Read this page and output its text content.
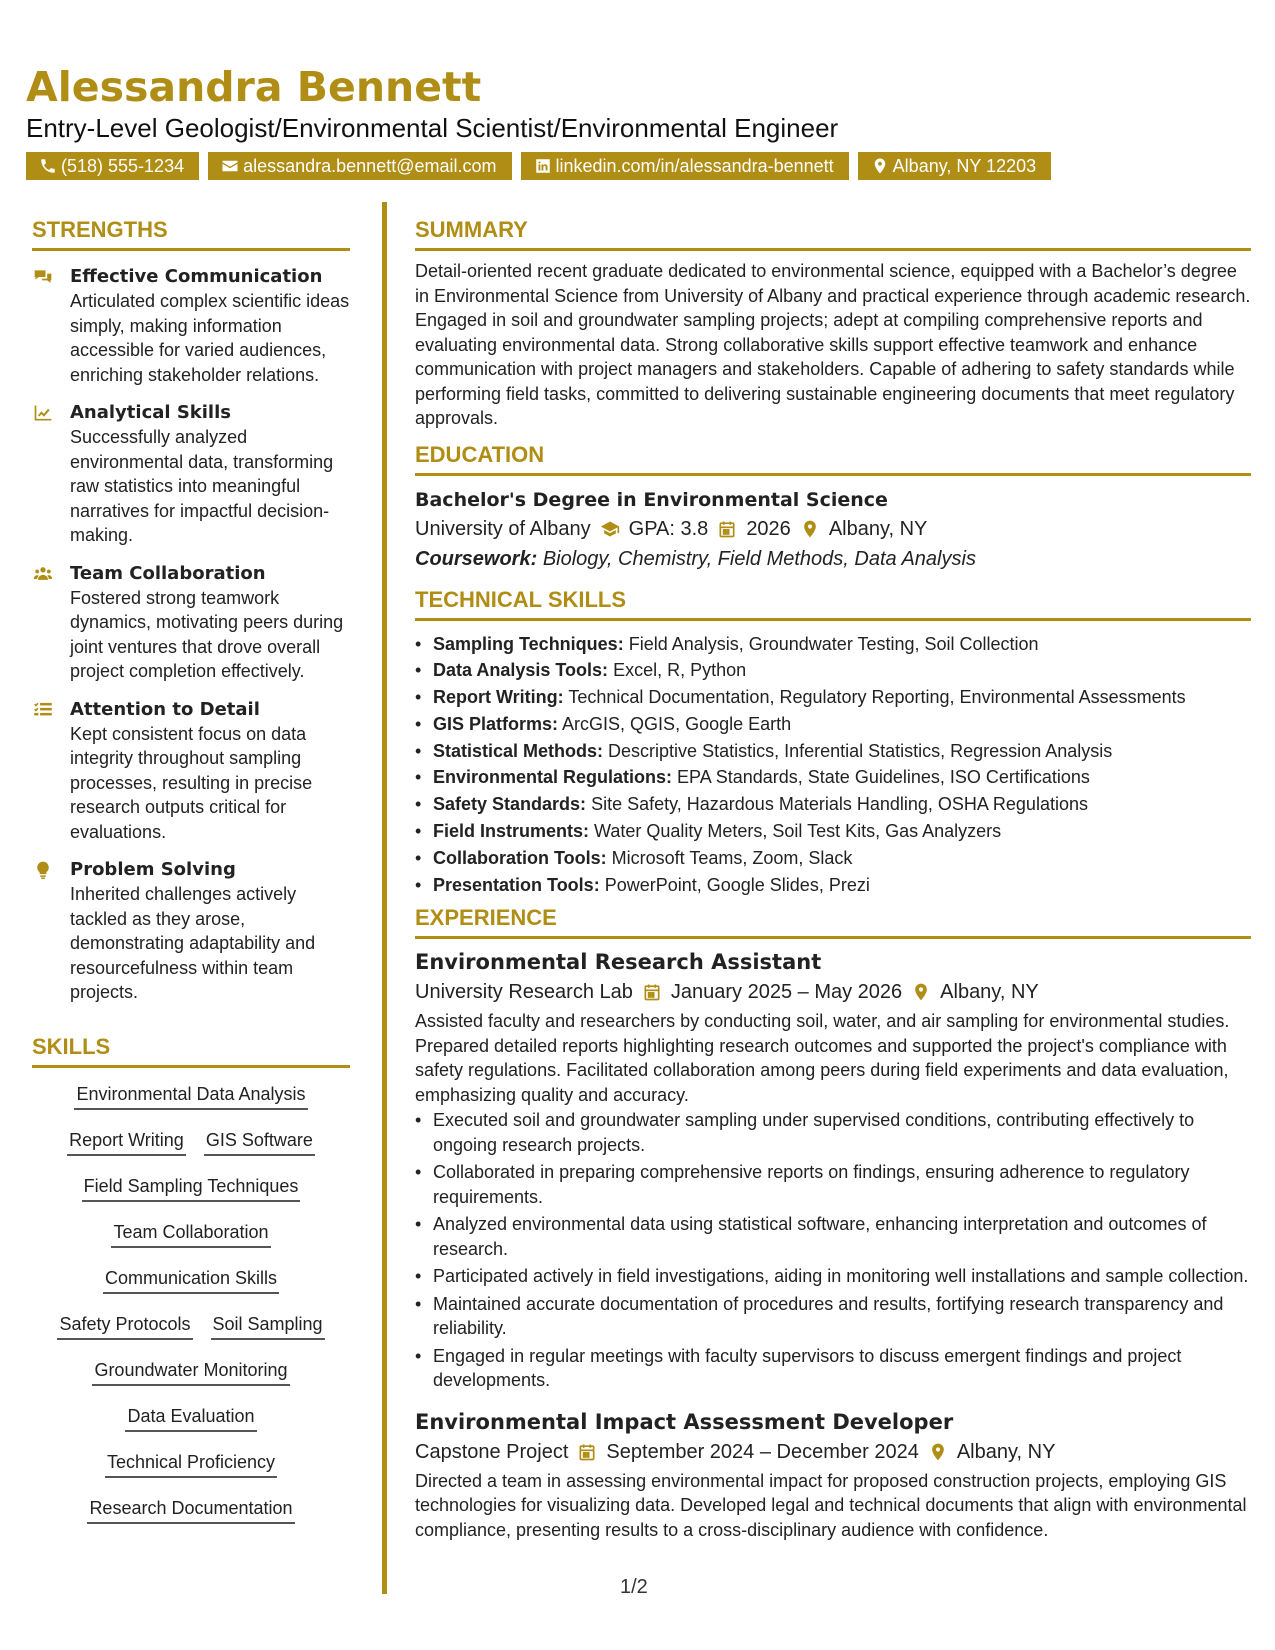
Alessandra Bennett
Entry-Level Geologist/Environmental Scientist/Environmental Engineer
(518) 555-1234	alessandra.bennett@email.com	linkedin.com/in/alessandra-bennett	Albany, NY 12203
STRENGTHS
Effective Communication
Articulated complex scientific ideas simply, making information accessible for varied audiences, enriching stakeholder relations.
Analytical Skills
Successfully analyzed environmental data, transforming raw statistics into meaningful narratives for impactful decision-making.
Team Collaboration
Fostered strong teamwork dynamics, motivating peers during joint ventures that drove overall project completion effectively.
Attention to Detail
Kept consistent focus on data integrity throughout sampling processes, resulting in precise research outputs critical for evaluations.
Problem Solving
Inherited challenges actively tackled as they arose, demonstrating adaptability and resourcefulness within team projects.
SKILLS
Environmental Data Analysis
Report Writing GIS Software
Field Sampling Techniques
Team Collaboration
Communication Skills
Safety Protocols Soil Sampling
Groundwater Monitoring
Data Evaluation
Technical Proficiency
Research Documentation
SUMMARY
Detail-oriented recent graduate dedicated to environmental science, equipped with a Bachelor’s degree in Environmental Science from University of Albany and practical experience through academic research. Engaged in soil and groundwater sampling projects; adept at compiling comprehensive reports and evaluating environmental data. Strong collaborative skills support effective teamwork and enhance communication with project managers and stakeholders. Capable of adhering to safety standards while performing field tasks, committed to delivering sustainable engineering documents that meet regulatory approvals.
EDUCATION
Bachelor's Degree in Environmental Science
University of Albany GPA: 3.8 2026 Albany, NY
Coursework: Biology, Chemistry, Field Methods, Data Analysis
TECHNICAL SKILLS
• Sampling Techniques: Field Analysis, Groundwater Testing, Soil Collection
• Data Analysis Tools: Excel, R, Python
• Report Writing: Technical Documentation, Regulatory Reporting, Environmental Assessments
• GIS Platforms: ArcGIS, QGIS, Google Earth
• Statistical Methods: Descriptive Statistics, Inferential Statistics, Regression Analysis
• Environmental Regulations: EPA Standards, State Guidelines, ISO Certifications
• Safety Standards: Site Safety, Hazardous Materials Handling, OSHA Regulations
• Field Instruments: Water Quality Meters, Soil Test Kits, Gas Analyzers
• Collaboration Tools: Microsoft Teams, Zoom, Slack
• Presentation Tools: PowerPoint, Google Slides, Prezi
EXPERIENCE
Environmental Research Assistant
University Research Lab January 2025 – May 2026 Albany, NY
Assisted faculty and researchers by conducting soil, water, and air sampling for environmental studies. Prepared detailed reports highlighting research outcomes and supported the project's compliance with safety regulations. Facilitated collaboration among peers during field experiments and data evaluation, emphasizing quality and accuracy.
• Executed soil and groundwater sampling under supervised conditions, contributing effectively to ongoing research projects.
• Collaborated in preparing comprehensive reports on findings, ensuring adherence to regulatory requirements.
• Analyzed environmental data using statistical software, enhancing interpretation and outcomes of research.
• Participated actively in field investigations, aiding in monitoring well installations and sample collection.
• Maintained accurate documentation of procedures and results, fortifying research transparency and reliability.
• Engaged in regular meetings with faculty supervisors to discuss emergent findings and project developments.
Environmental Impact Assessment Developer
Capstone Project September 2024 – December 2024 Albany, NY
Directed a team in assessing environmental impact for proposed construction projects, employing GIS technologies for visualizing data. Developed legal and technical documents that align with environmental compliance, presenting results to a cross-disciplinary audience with confidence.
1/2
